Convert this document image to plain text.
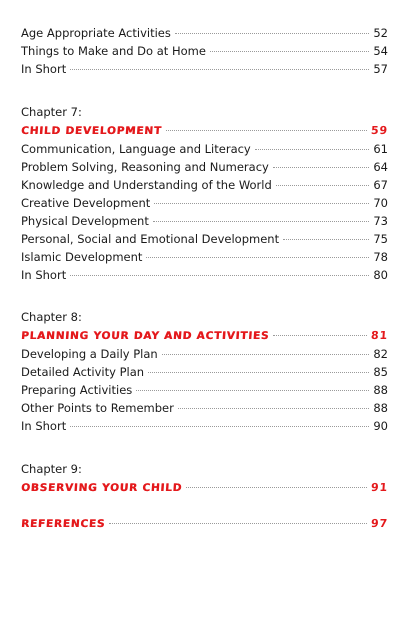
Age Appropriate Activities	52
Things to Make and Do at Home	54
In Short	57
Chapter 7:
CHILD DEVELOPMENT	59
Communication, Language and Literacy	61
Problem Solving, Reasoning and Numeracy	64
Knowledge and Understanding of the World	67
Creative Development	70
Physical Development	73
Personal, Social and Emotional Development	75
Islamic Development	78
In Short	80
Chapter 8:
PLANNING YOUR DAY AND ACTIVITIES	81
Developing a Daily Plan	82
Detailed Activity Plan	85
Preparing Activities	88
Other Points to Remember	88
In Short	90
Chapter 9:
OBSERVING YOUR CHILD	91
REFERENCES	97
